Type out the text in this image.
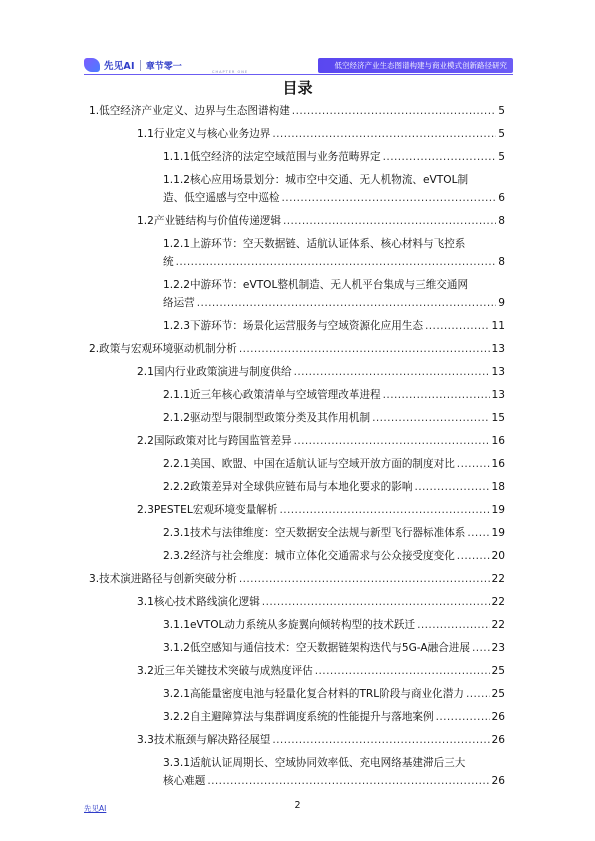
先见AI 章节零一
CHAPTER ONE
低空经济产业生态图谱构建与商业模式创新路径研究
目录
1.低空经济产业定义、边界与生态图谱构建 .....	5
1.1行业定义与核心业务边界 .....	5
1.1.1低空经济的法定空域范围与业务范畴界定 .....	5
1.1.2核心应用场景划分：城市空中交通、无人机物流、eVTOL制
造、低空遥感与空中巡检 .....	6
1.2产业链结构与价值传递逻辑 .....	8
1.2.1上游环节：空天数据链、适航认证体系、核心材料与飞控系
统 .....	8
1.2.2中游环节：eVTOL整机制造、无人机平台集成与三维交通网
络运营 .....	9
1.2.3下游环节：场景化运营服务与空域资源化应用生态 .....	11
2.政策与宏观环境驱动机制分析 .....	13
2.1国内行业政策演进与制度供给 .....	13
2.1.1近三年核心政策清单与空域管理改革进程 .....	13
2.1.2驱动型与限制型政策分类及其作用机制 .....	15
2.2国际政策对比与跨国监管差异 .....	16
2.2.1美国、欧盟、中国在适航认证与空域开放方面的制度对比 .....	16
2.2.2政策差异对全球供应链布局与本地化要求的影响 .....	18
2.3PESTEL宏观环境变量解析 .....	19
2.3.1技术与法律维度：空天数据安全法规与新型飞行器标准体系 ..... 19
2.3.2经济与社会维度：城市立体化交通需求与公众接受度变化 .....	20
3.技术演进路径与创新突破分析 .....	22
3.1核心技术路线演化逻辑 .....	22
3.1.1eVTOL动力系统从多旋翼向倾转构型的技术跃迁 .....	22
3.1.2低空感知与通信技术：空天数据链架构迭代与5G-A融合进展 ..... 23
3.2近三年关键技术突破与成熟度评估 .....	25
3.2.1高能量密度电池与轻量化复合材料的TRL阶段与商业化潜力 .....	25
3.2.2自主避障算法与集群调度系统的性能提升与落地案例 .....	26
3.3技术瓶颈与解决路径展望 .....	26
3.3.1适航认证周期长、空域协同效率低、充电网络基建滞后三大
核心难题 .....	26
先见AI	2
